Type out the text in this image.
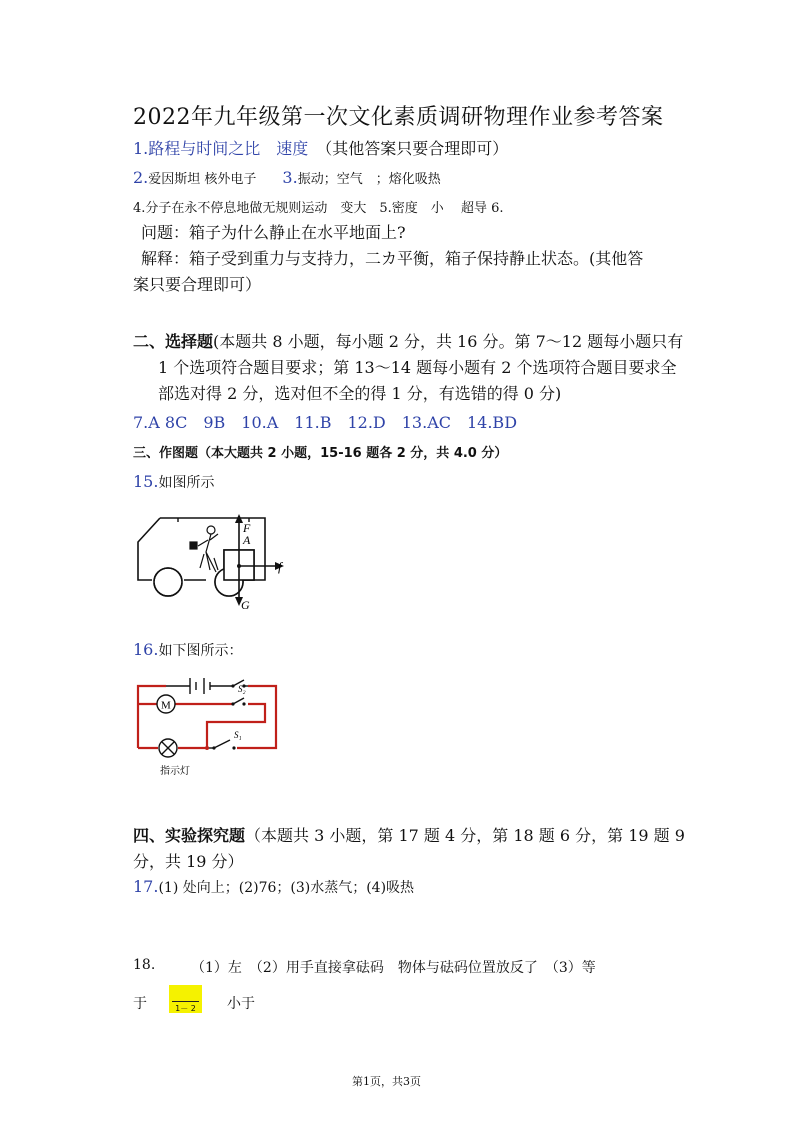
2022年九年级第一次文化素质调研物理作业参考答案
1.路程与时间之比　速度　 （其他答案只要合理即可）
2.爱因斯坦 核外电子　　3.振动；空气　；熔化吸热
4.分子在永不停息地做无规则运动　变大　5.密度　小　 超导 6.
问题：箱子为什么静止在水平地面上?
解释：箱子受到重力与支持力，二カ平衡，箱子保持静止状态。(其他答
案只要合理即可）
二、选择题(本题共 8 小题，每小题 2 分，共 16 分。第 7～12 题每小题只有
1 个选项符合题目要求；第 13～14 题每小题有 2 个选项符合题目要求全
部选对得 2 分，选对但不全的得 1 分，有选错的得 0 分)
7.A 8C　9B　10.A　11.B　12.D　13.AC　14.BD
三、作图题（本大题共 2 小题，15-16 题各 2 分，共 4.0 分）
15.如图所示
F
A
f
G
16.如下图所示：
M
S₂
S₁
指示灯
四、实验探究题（本题共 3 小题，第 17 题 4 分，第 18 题 6 分，第 19 题 9
分，共 19 分）
17.(1) 处向上；(2)76；(3)水蒸气；(4)吸热
18.	（1）左　（2）用手直接拿砝码　物体与砝码位置放反了　（3）等
于	1－ 2	小于
第1页，共3页
